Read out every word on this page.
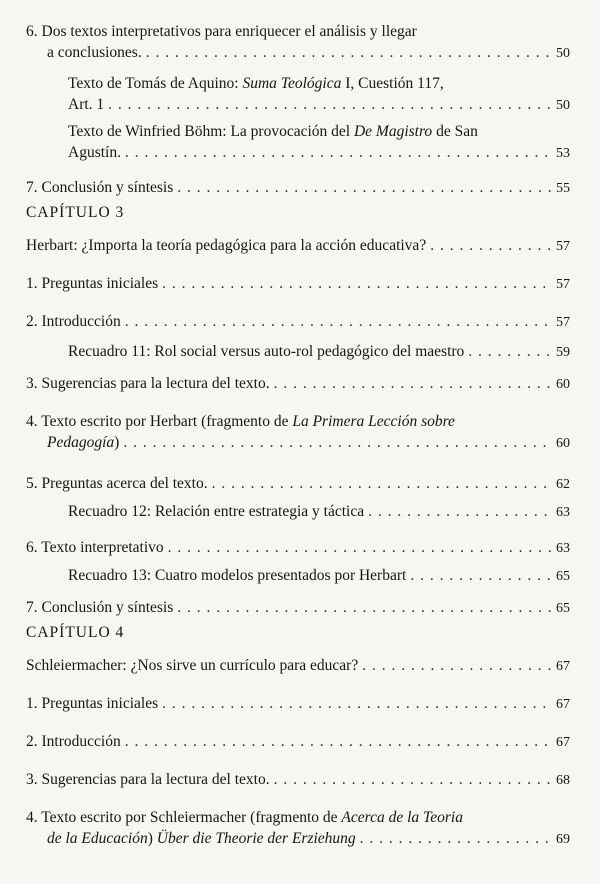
6. Dos textos interpretativos para enriquecer el análisis y llegar
a conclusiones. . . .	50
Texto de Tomás de Aquino: Suma Teológica I, Cuestión 117,
Art. 1 . . .	50
Texto de Winfried Böhm: La provocación del De Magistro de San
Agustín. . . .	53
7. Conclusión y síntesis . . .	55
CAPÍTULO 3
Herbart: ¿Importa la teoría pedagógica para la acción educativa? . . .	57
1. Preguntas iniciales . . .	57
2. Introducción . . .	57
Recuadro 11: Rol social versus auto-rol pedagógico del maestro . . .	59
3. Sugerencias para la lectura del texto. . . .	60
4. Texto escrito por Herbart (fragmento de La Primera Lección sobre
Pedagogía) . . .	60
5. Preguntas acerca del texto. . . .	62
Recuadro 12: Relación entre estrategia y táctica . . .	63
6. Texto interpretativo . . .	63
Recuadro 13: Cuatro modelos presentados por Herbart . . .	65
7. Conclusión y síntesis . . .	65
CAPÍTULO 4
Schleiermacher: ¿Nos sirve un currículo para educar? . . .	67
1. Preguntas iniciales . . .	67
2. Introducción . . .	67
3. Sugerencias para la lectura del texto. . . .	68
4. Texto escrito por Schleiermacher (fragmento de Acerca de la Teoria
de la Educación) Über die Theorie der Erziehung . . .	69
